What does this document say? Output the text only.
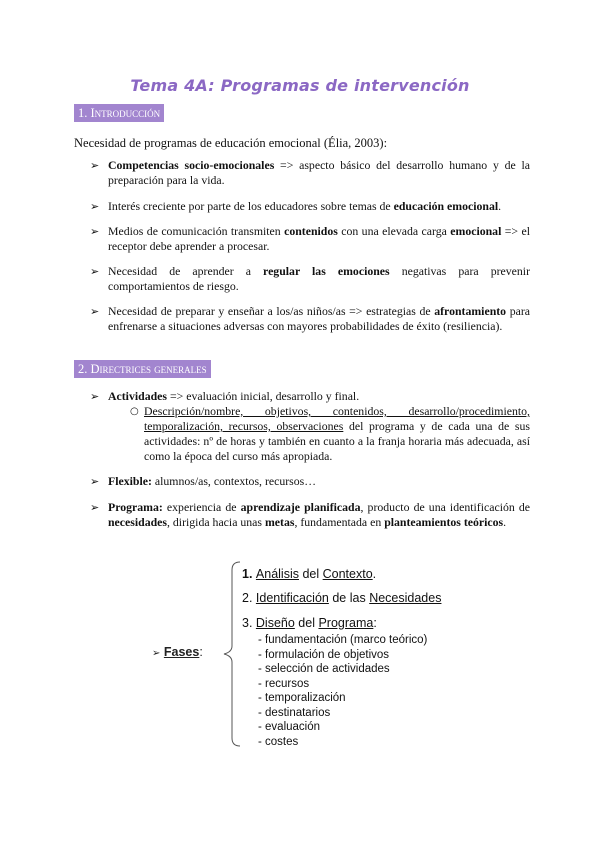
Tema 4A: Programas de intervención
1. Introducción
Necesidad de programas de educación emocional (Élia, 2003):
➢ Competencias socio-emocionales => aspecto básico del desarrollo humano y de la preparación para la vida.
➢ Interés creciente por parte de los educadores sobre temas de educación emocional.
➢ Medios de comunicación transmiten contenidos con una elevada carga emocional => el receptor debe aprender a procesar.
➢ Necesidad de aprender a regular las emociones negativas para prevenir comportamientos de riesgo.
➢ Necesidad de preparar y enseñar a los/as niños/as => estrategias de afrontamiento para enfrenarse a situaciones adversas con mayores probabilidades de éxito (resiliencia).
2. Directrices generales
➢ Actividades => evaluación inicial, desarrollo y final.
○ Descripción/nombre, objetivos, contenidos, desarrollo/procedimiento, temporalización, recursos, observaciones del programa y de cada una de sus actividades: nº de horas y también en cuanto a la franja horaria más adecuada, así como la época del curso más apropiada.
➢ Flexible: alumnos/as, contextos, recursos…
➢ Programa: experiencia de aprendizaje planificada, producto de una identificación de necesidades, dirigida hacia unas metas, fundamentada en planteamientos teóricos.
➢ Fases:
1. Análisis del Contexto.
2. Identificación de las Necesidades
3. Diseño del Programa:
- fundamentación (marco teórico)
- formulación de objetivos
- selección de actividades
- recursos
- temporalización
- destinatarios
- evaluación
- costes
